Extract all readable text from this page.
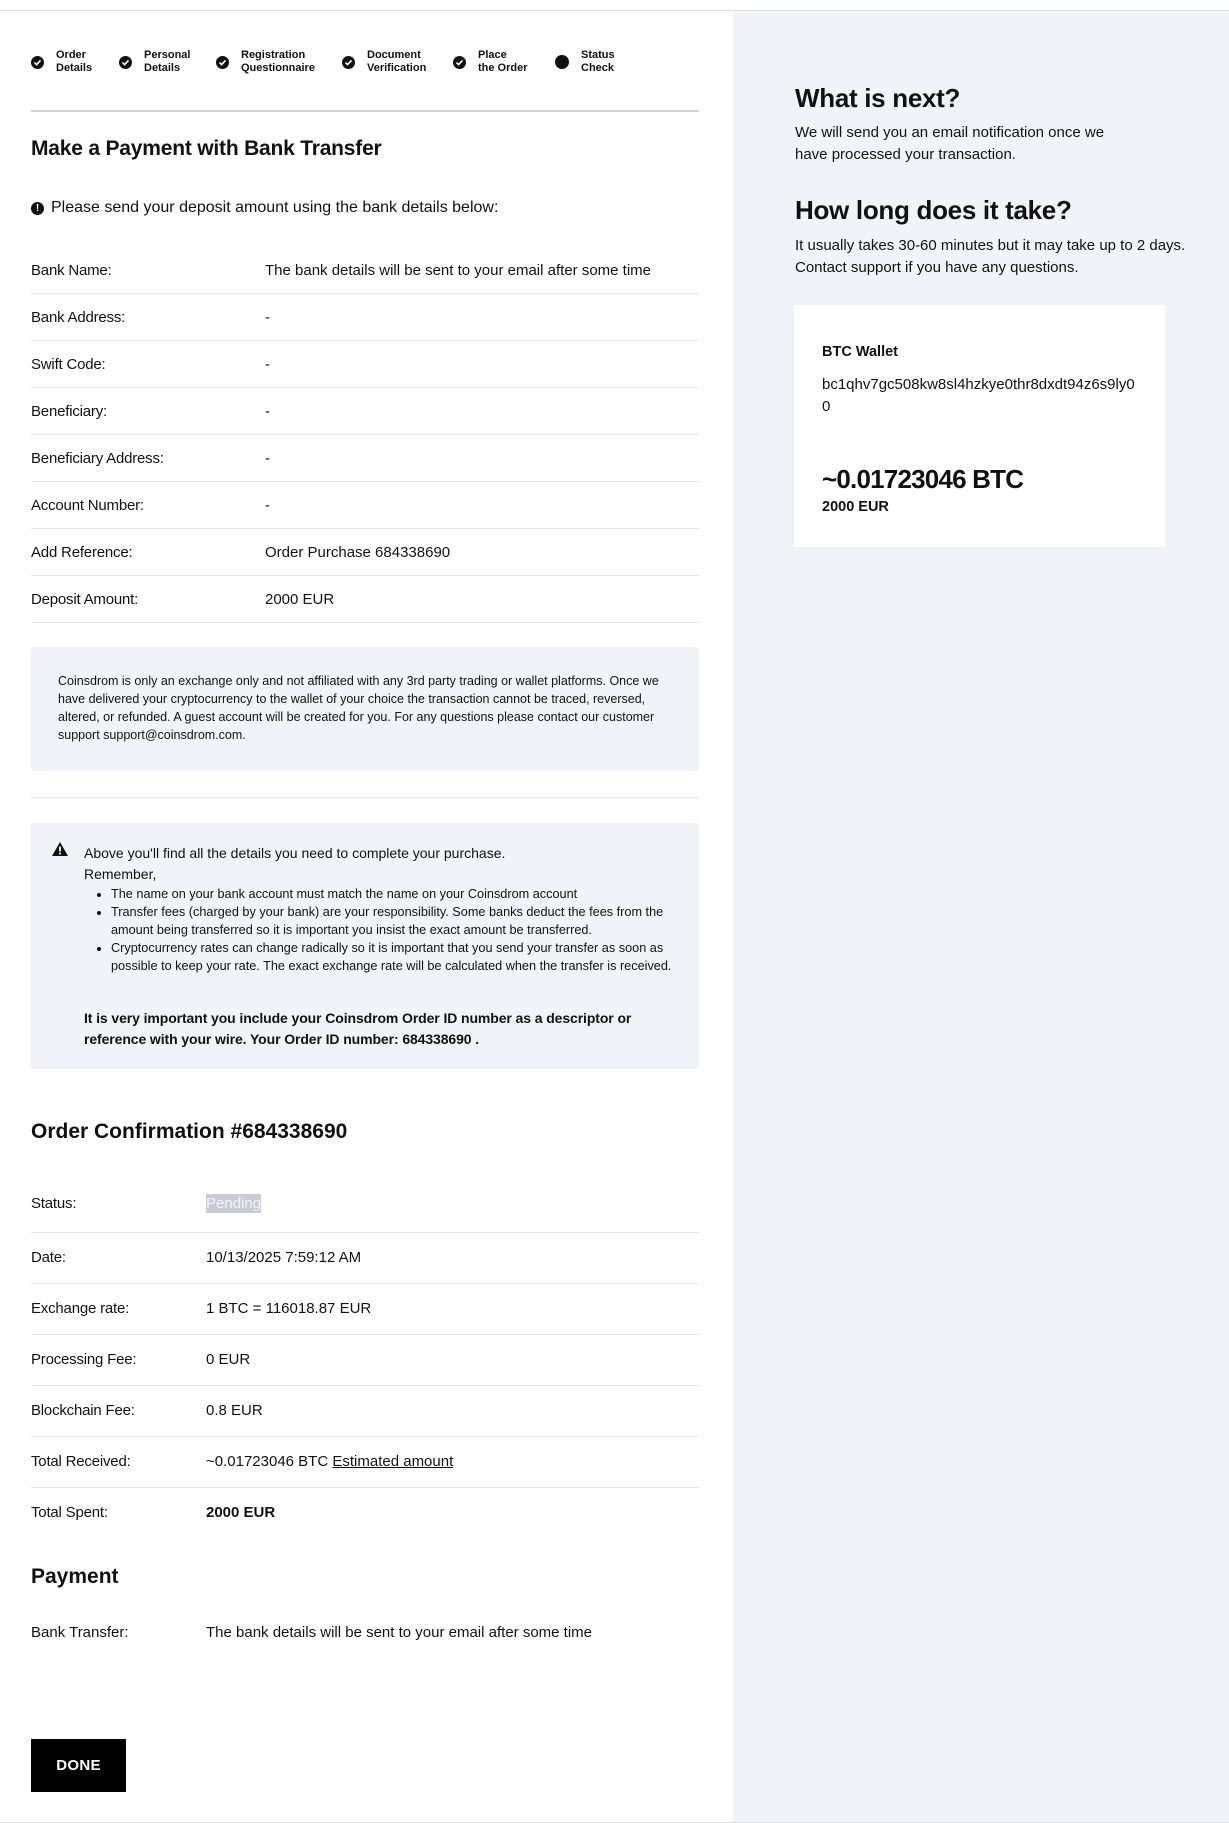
Order
Details
Personal
Details
Registration
Questionnaire
Document
Verification
Place
the Order
Status
Check
Make a Payment with Bank Transfer
! Please send your deposit amount using the bank details below:
Bank Name:	The bank details will be sent to your email after some time
Bank Address:	-
Swift Code:	-
Beneficiary:	-
Beneficiary Address:	-
Account Number:	-
Add Reference:	Order Purchase 684338690
Deposit Amount:	2000 EUR

Coinsdrom is only an exchange only and not affiliated with any 3rd party trading or wallet platforms. Once we have delivered your cryptocurrency to the wallet of your choice the transaction cannot be traced, reversed, altered, or refunded. A guest account will be created for you. For any questions please contact our customer support support@coinsdrom.com.

Above you'll find all the details you need to complete your purchase.
Remember,
• The name on your bank account must match the name on your Coinsdrom account
• Transfer fees (charged by your bank) are your responsibility. Some banks deduct the fees from the amount being transferred so it is important you insist the exact amount be transferred.
• Cryptocurrency rates can change radically so it is important that you send your transfer as soon as possible to keep your rate. The exact exchange rate will be calculated when the transfer is received.
It is very important you include your Coinsdrom Order ID number as a descriptor or reference with your wire. Your Order ID number: 684338690 .
Order Confirmation #684338690
Status:	Pending
Date:	10/13/2025 7:59:12 AM
Exchange rate:	1 BTC = 116018.87 EUR
Processing Fee:	0 EUR
Blockchain Fee:	0.8 EUR
Total Received:	~0.01723046 BTC Estimated amount
Total Spent:	2000 EUR
Payment
Bank Transfer:	The bank details will be sent to your email after some time
DONE
What is next?

We will send you an email notification once we have processed your transaction.

How long does it take?

It usually takes 30-60 minutes but it may take up to 2 days. Contact support if you have any questions.

BTC Wallet
bc1qhv7gc508kw8sl4hzkye0thr8dxdt94z6s9ly00
~0.01723046 BTC
2000 EUR
